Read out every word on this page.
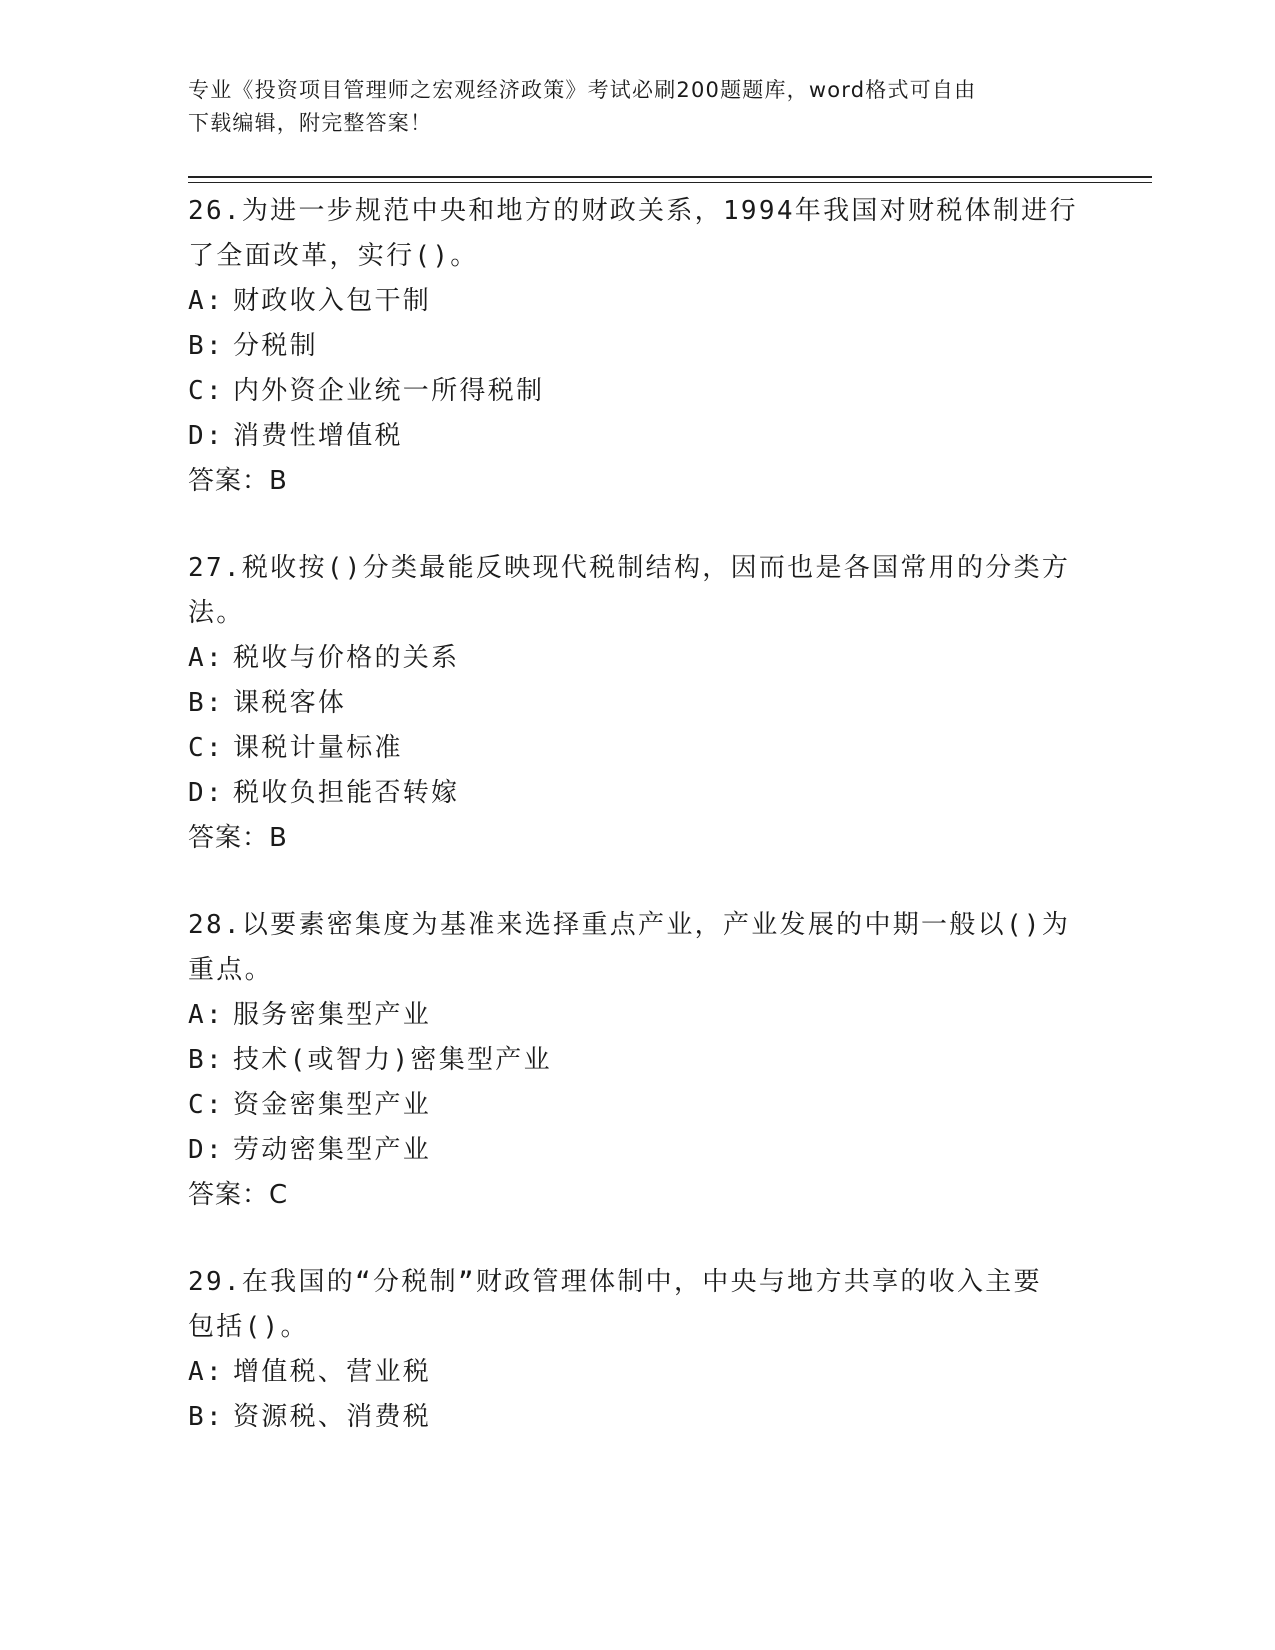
专业《投资项目管理师之宏观经济政策》考试必刷200题题库，word格式可自由
下载编辑，附完整答案！
26.为进一步规范中央和地方的财政关系，1994年我国对财税体制进行
了全面改革，实行()。
A: 财政收入包干制
B: 分税制
C: 内外资企业统一所得税制
D: 消费性增值税
答案：B
27.税收按()分类最能反映现代税制结构，因而也是各国常用的分类方
法。
A: 税收与价格的关系
B: 课税客体
C: 课税计量标准
D: 税收负担能否转嫁
答案：B
28.以要素密集度为基准来选择重点产业，产业发展的中期一般以()为
重点。
A: 服务密集型产业
B: 技术(或智力)密集型产业
C: 资金密集型产业
D: 劳动密集型产业
答案：C
29.在我国的“分税制”财政管理体制中，中央与地方共享的收入主要
包括()。
A: 增值税、营业税
B: 资源税、消费税
